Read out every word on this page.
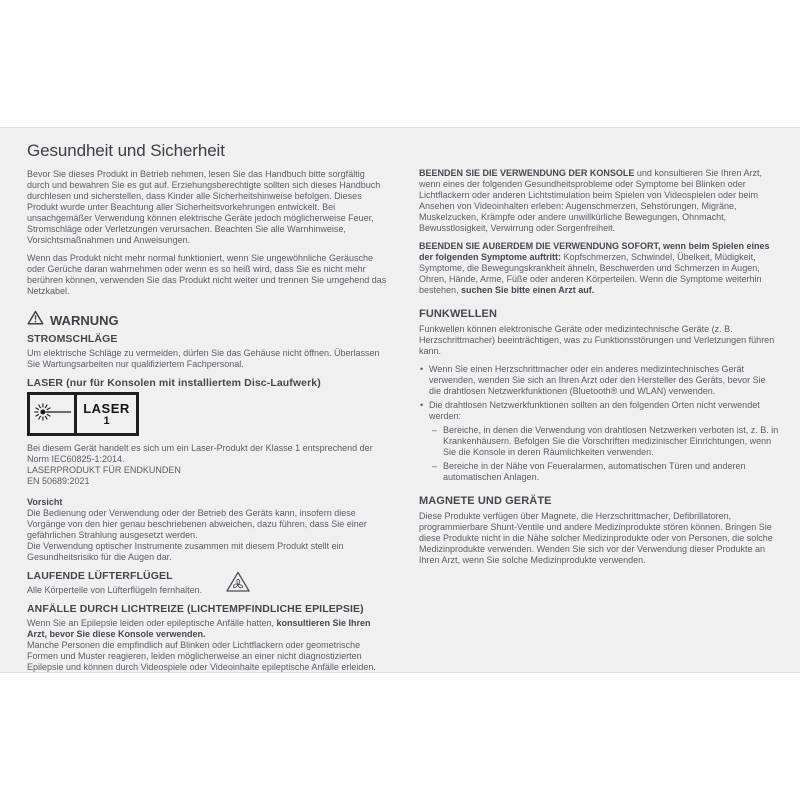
Gesundheit und Sicherheit

Bevor Sie dieses Produkt in Betrieb nehmen, lesen Sie das Handbuch bitte sorgfältig durch und bewahren Sie es gut auf. Erziehungsberechtigte sollten sich dieses Handbuch durchlesen und sicherstellen, dass Kinder alle Sicherheitshinweise befolgen. Dieses Produkt wurde unter Beachtung aller Sicherheitsvorkehrungen entwickelt. Bei unsachgemäßer Verwendung können elektrische Geräte jedoch möglicherweise Feuer, Stromschläge oder Verletzungen verursachen. Beachten Sie alle Warnhinweise, Vorsichtsmaßnahmen und Anweisungen.

Wenn das Produkt nicht mehr normal funktioniert, wenn Sie ungewöhnliche Geräusche oder Gerüche daran wahrnehmen oder wenn es so heiß wird, dass Sie es nicht mehr berühren können, verwenden Sie das Produkt nicht weiter und trennen Sie umgehend das Netzkabel.

WARNUNG
STROMSCHLÄGE

Um elektrische Schläge zu vermeiden, dürfen Sie das Gehäuse nicht öffnen. Überlassen Sie Wartungsarbeiten nur qualifiziertem Fachpersonal.

LASER (nur für Konsolen mit installiertem Disc-Laufwerk)
LASER
1

Bei diesem Gerät handelt es sich um ein Laser-Produkt der Klasse 1 entsprechend der Norm IEC60825-1:2014.

LASERPRODUKT FÜR ENDKUNDEN

EN 50689:2021

Vorsicht

Die Bedienung oder Verwendung oder der Betrieb des Geräts kann, insofern diese Vorgänge von den hier genau beschriebenen abweichen, dazu führen, dass Sie einer gefährlichen Strahlung ausgesetzt werden.

Die Verwendung optischer Instrumente zusammen mit diesem Produkt stellt ein Gesundheitsrisiko für die Augen dar.

LAUFENDE LÜFTERFLÜGEL

Alle Körperteile von Lüfterflügeln fernhalten.

ANFÄLLE DURCH LICHTREIZE (LICHTEMPFINDLICHE EPILEPSIE)

Wenn Sie an Epilepsie leiden oder epileptische Anfälle hatten, konsultieren Sie Ihren Arzt, bevor Sie diese Konsole verwenden.

Manche Personen die empfindlich auf Blinken oder Lichtflackern oder geometrische Formen und Muster reagieren, leiden möglicherweise an einer nicht diagnostizierten Epilepsie und können durch Videospiele oder Videoinhalte epileptische Anfälle erleiden.

BEENDEN SIE DIE VERWENDUNG DER KONSOLE und konsultieren Sie Ihren Arzt, wenn eines der folgenden Gesundheitsprobleme oder Symptome bei Blinken oder Lichtflackern oder anderen Lichtstimulation beim Spielen von Videospielen oder beim Ansehen von Videoinhalten erleben: Augenschmerzen, Sehstörungen, Migräne, Muskelzucken, Krämpfe oder andere unwillkürliche Bewegungen, Ohnmacht, Bewusstlosigkeit, Verwirrung oder Sorgenfreiheit.

BEENDEN SIE AUßERDEM DIE VERWENDUNG SOFORT, wenn beim Spielen eines der folgenden Symptome auftritt: Kopfschmerzen, Schwindel, Übelkeit, Müdigkeit, Symptome, die Bewegungskrankheit ähneln, Beschwerden und Schmerzen in Augen, Ohren, Hände, Arme, Füße oder anderen Körperteilen. Wenn die Symptome weiterhin bestehen, suchen Sie bitte einen Arzt auf.

FUNKWELLEN

Funkwellen können elektronische Geräte oder medizintechnische Geräte (z. B. Herzschrittmacher) beeinträchtigen, was zu Funktionsstörungen und Verletzungen führen kann.

• Wenn Sie einen Herzschrittmacher oder ein anderes medizintechnisches Gerät verwenden, wenden Sie sich an Ihren Arzt oder den Hersteller des Geräts, bevor Sie die drahtlosen Netzwerkfunktionen (Bluetooth® und WLAN) verwenden.
• Die drahtlosen Netzwerkfunktionen sollten an den folgenden Orten nicht verwendet werden:
– Bereiche, in denen die Verwendung von drahtlosen Netzwerken verboten ist, z. B. in Krankenhäusern. Befolgen Sie die Vorschriften medizinischer Einrichtungen, wenn Sie die Konsole in deren Räumlichkeiten verwenden.
– Bereiche in der Nähe von Feueralarmen, automatischen Türen und anderen automatischen Anlagen.
MAGNETE UND GERÄTE

Diese Produkte verfügen über Magnete, die Herzschrittmacher, Defibrillatoren, programmierbare Shunt-Ventile und andere Medizinprodukte stören können. Bringen Sie diese Produkte nicht in die Nähe solcher Medizinprodukte oder von Personen, die solche Medizinprodukte verwenden. Wenden Sie sich vor der Verwendung dieser Produkte an Ihren Arzt, wenn Sie solche Medizinprodukte verwenden.
